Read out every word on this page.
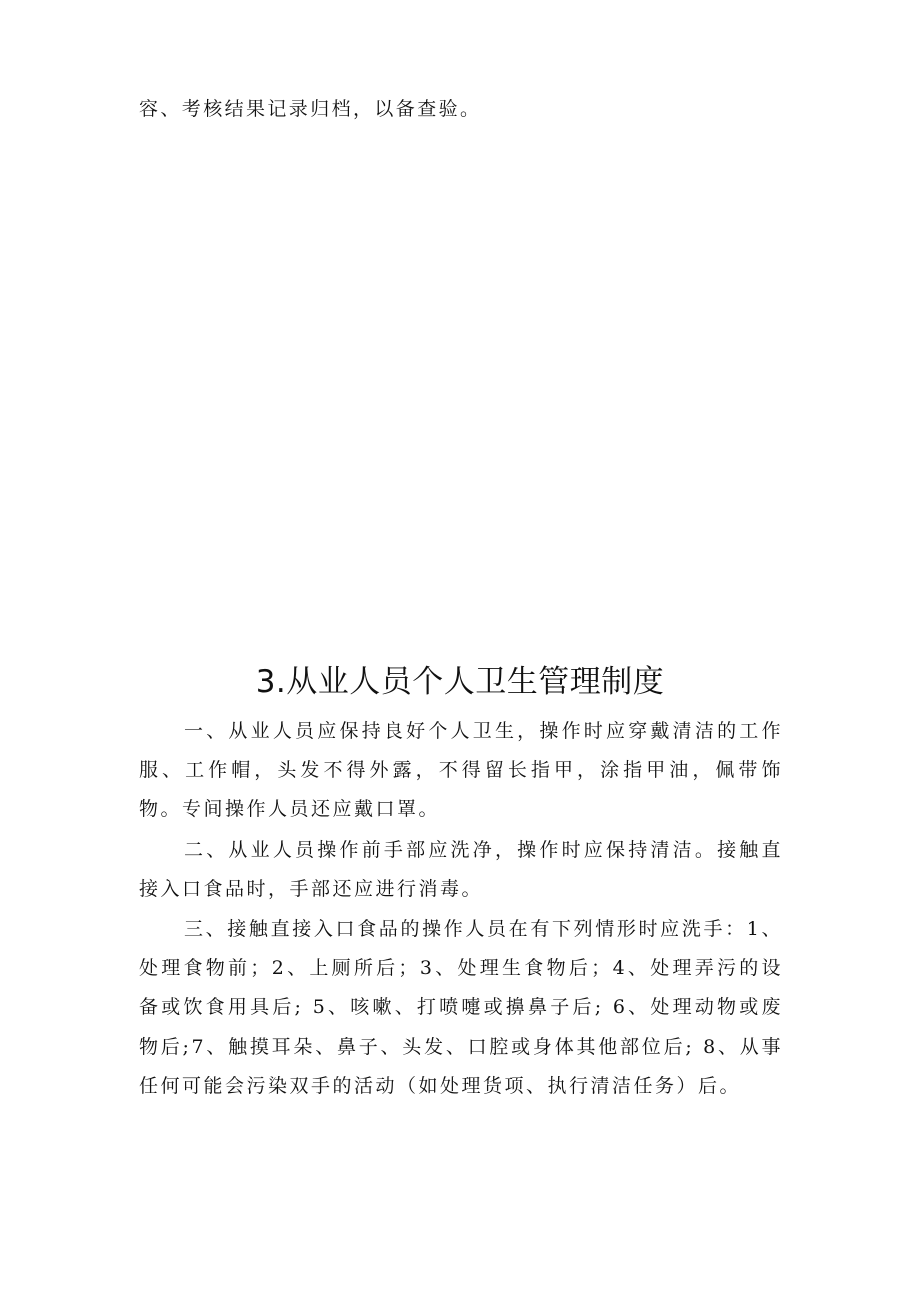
容、考核结果记录归档，以备查验。
3.从业人员个人卫生管理制度

一、从业人员应保持良好个人卫生，操作时应穿戴清洁的工作服、工作帽，头发不得外露，不得留长指甲，涂指甲油，佩带饰物。专间操作人员还应戴口罩。

二、从业人员操作前手部应洗净，操作时应保持清洁。接触直接入口食品时，手部还应进行消毒。

三、接触直接入口食品的操作人员在有下列情形时应洗手：1、处理食物前；2、上厕所后；3、处理生食物后；4、处理弄污的设备或饮食用具后; 5、咳嗽、打喷嚏或擤鼻子后; 6、处理动物或废物后;7、触摸耳朵、鼻子、头发、口腔或身体其他部位后; 8、从事任何可能会污染双手的活动（如处理货项、执行清洁任务）后。
